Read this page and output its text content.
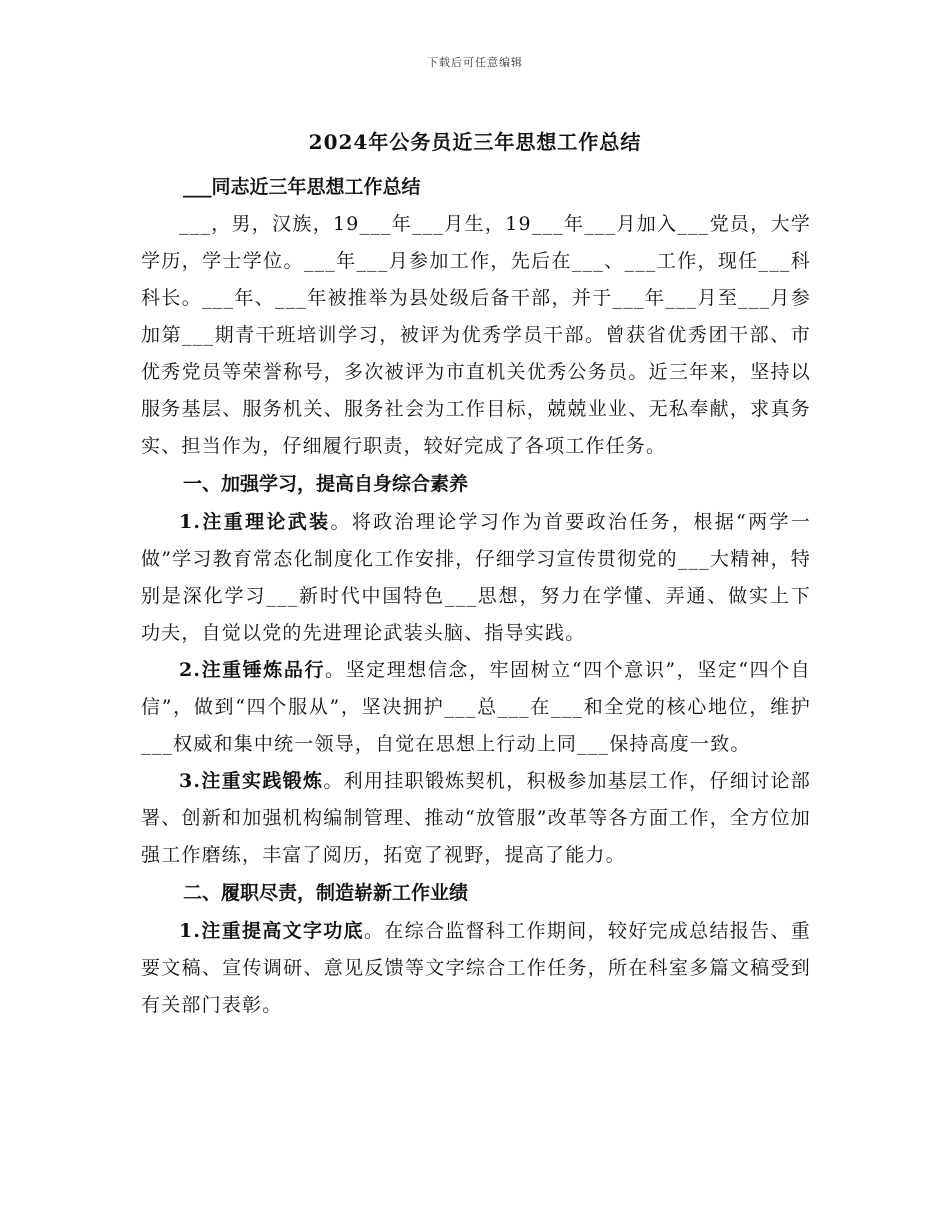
下载后可任意编辑
2024年公务员近三年思想工作总结
___同志近三年思想工作总结

___，男，汉族，19___年___月生，19___年___月加入___党员，大学学历，学士学位。___年___月参加工作，先后在___、___工作，现任___科科长。___年、___年被推举为县处级后备干部，并于___年___月至___月参加第___期青干班培训学习，被评为优秀学员干部。曾获省优秀团干部、市优秀党员等荣誉称号，多次被评为市直机关优秀公务员。近三年来，坚持以服务基层、服务机关、服务社会为工作目标，兢兢业业、无私奉献，求真务实、担当作为，仔细履行职责，较好完成了各项工作任务。

一、加强学习，提高自身综合素养

1.注重理论武装。将政治理论学习作为首要政治任务，根据“两学一做”学习教育常态化制度化工作安排，仔细学习宣传贯彻党的___大精神，特别是深化学习___新时代中国特色___思想，努力在学懂、弄通、做实上下功夫，自觉以党的先进理论武装头脑、指导实践。

2.注重锤炼品行。坚定理想信念，牢固树立“四个意识”，坚定“四个自信”，做到“四个服从”，坚决拥护___总___在___和全党的核心地位，维护___权威和集中统一领导，自觉在思想上行动上同___保持高度一致。

3.注重实践锻炼。利用挂职锻炼契机，积极参加基层工作，仔细讨论部署、创新和加强机构编制管理、推动“放管服”改革等各方面工作，全方位加强工作磨练，丰富了阅历，拓宽了视野，提高了能力。

二、履职尽责，制造崭新工作业绩

1.注重提高文字功底。在综合监督科工作期间，较好完成总结报告、重要文稿、宣传调研、意见反馈等文字综合工作任务，所在科室多篇文稿受到有关部门表彰。
